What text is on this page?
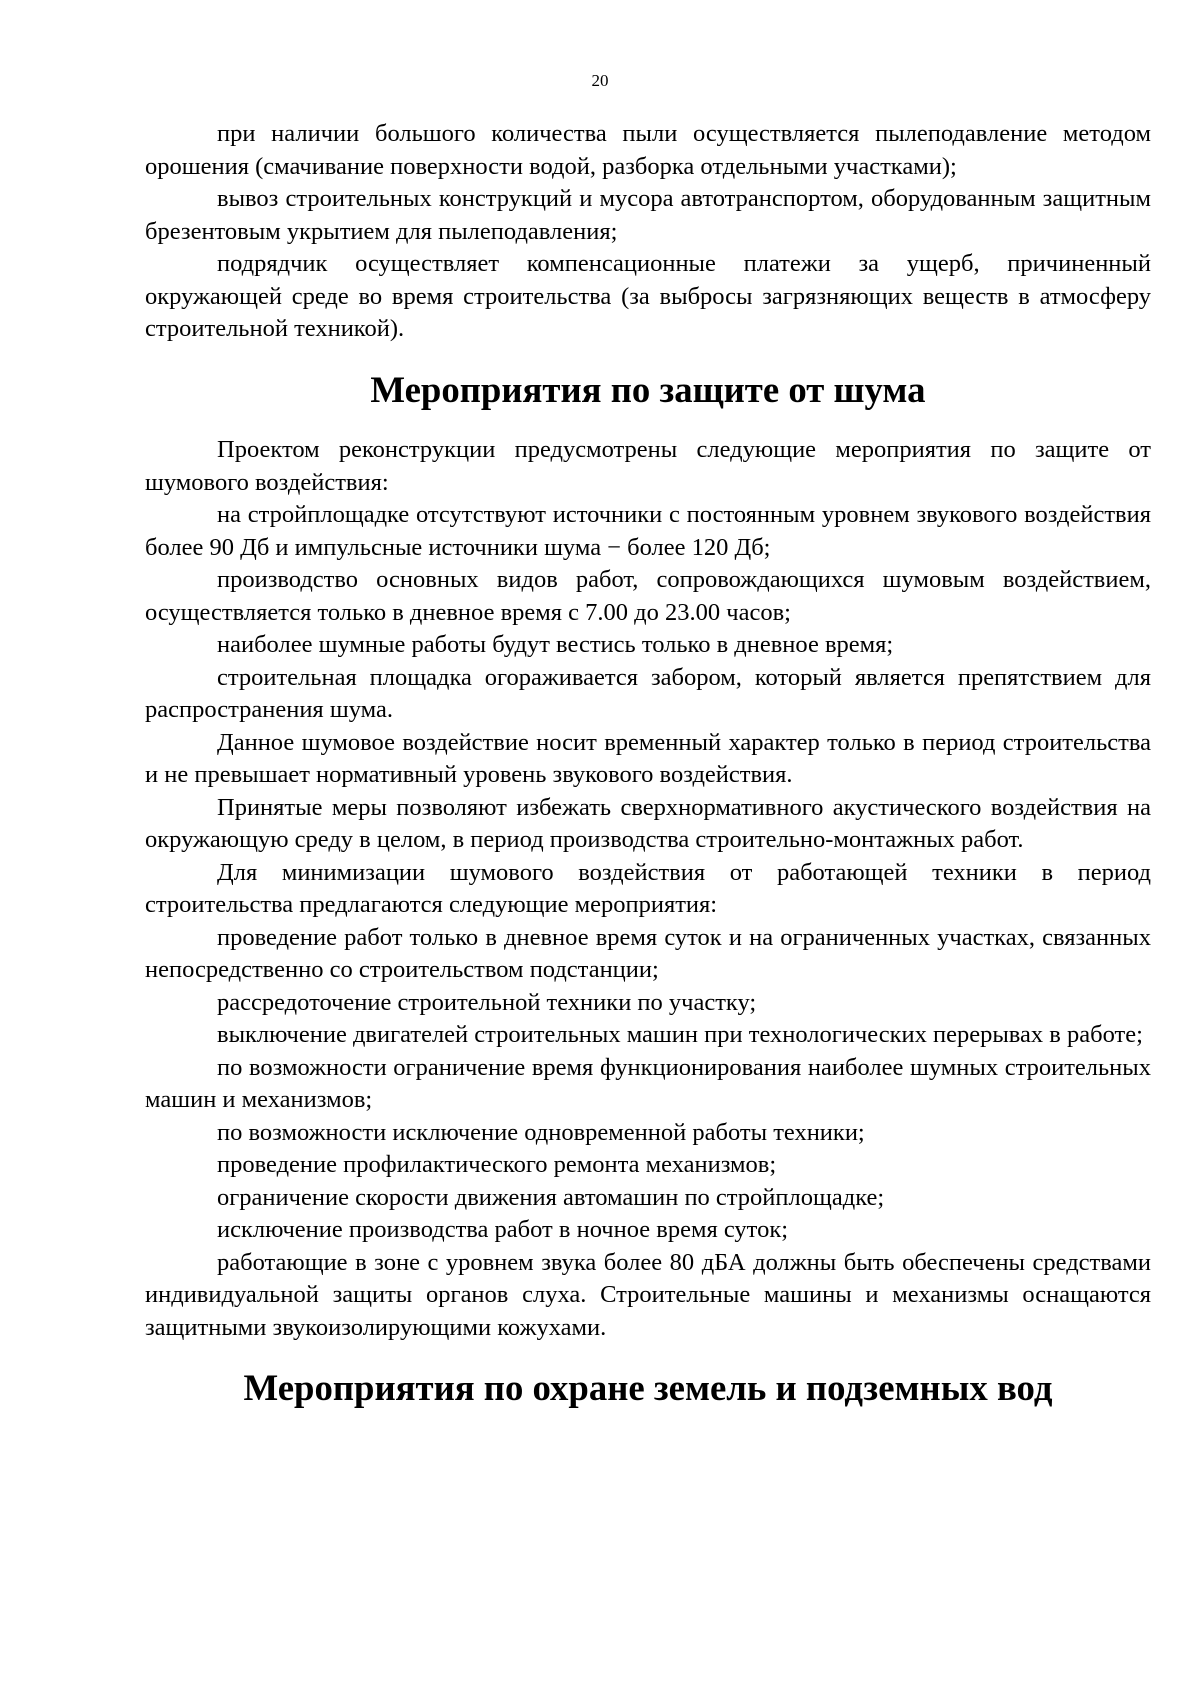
20

при наличии большого количества пыли осуществляется пылеподавление методом орошения (смачивание поверхности водой, разборка отдельными участками);

вывоз строительных конструкций и мусора автотранспортом, оборудованным защитным брезентовым укрытием для пылеподавления;

подрядчик осуществляет компенсационные платежи за ущерб, причиненный окружающей среде во время строительства (за выбросы загрязняющих веществ в атмосферу строительной техникой).

Мероприятия по защите от шума

Проектом реконструкции предусмотрены следующие мероприятия по защите от шумового воздействия:

на стройплощадке отсутствуют источники с постоянным уровнем звукового воздействия более 90 Дб и импульсные источники шума − более 120 Дб;

производство основных видов работ, сопровождающихся шумовым воздействием, осуществляется только в дневное время с 7.00 до 23.00 часов;

наиболее шумные работы будут вестись только в дневное время;

строительная площадка огораживается забором, который является препятствием для распространения шума.

Данное шумовое воздействие носит временный характер только в период строительства и не превышает нормативный уровень звукового воздействия.

Принятые меры позволяют избежать сверхнормативного акустического воздействия на окружающую среду в целом, в период производства строительно-монтажных работ.

Для минимизации шумового воздействия от работающей техники в период строительства предлагаются следующие мероприятия:

проведение работ только в дневное время суток и на ограниченных участках, связанных непосредственно со строительством подстанции;

рассредоточение строительной техники по участку;

выключение двигателей строительных машин при технологических перерывах в работе;

по возможности ограничение время функционирования наиболее шумных строительных машин и механизмов;

по возможности исключение одновременной работы техники;

проведение профилактического ремонта механизмов;

ограничение скорости движения автомашин по стройплощадке;

исключение производства работ в ночное время суток;

работающие в зоне с уровнем звука более 80 дБА должны быть обеспечены средствами индивидуальной защиты органов слуха. Строительные машины и механизмы оснащаются защитными звукоизолирующими кожухами.

Мероприятия по охране земель и подземных вод
